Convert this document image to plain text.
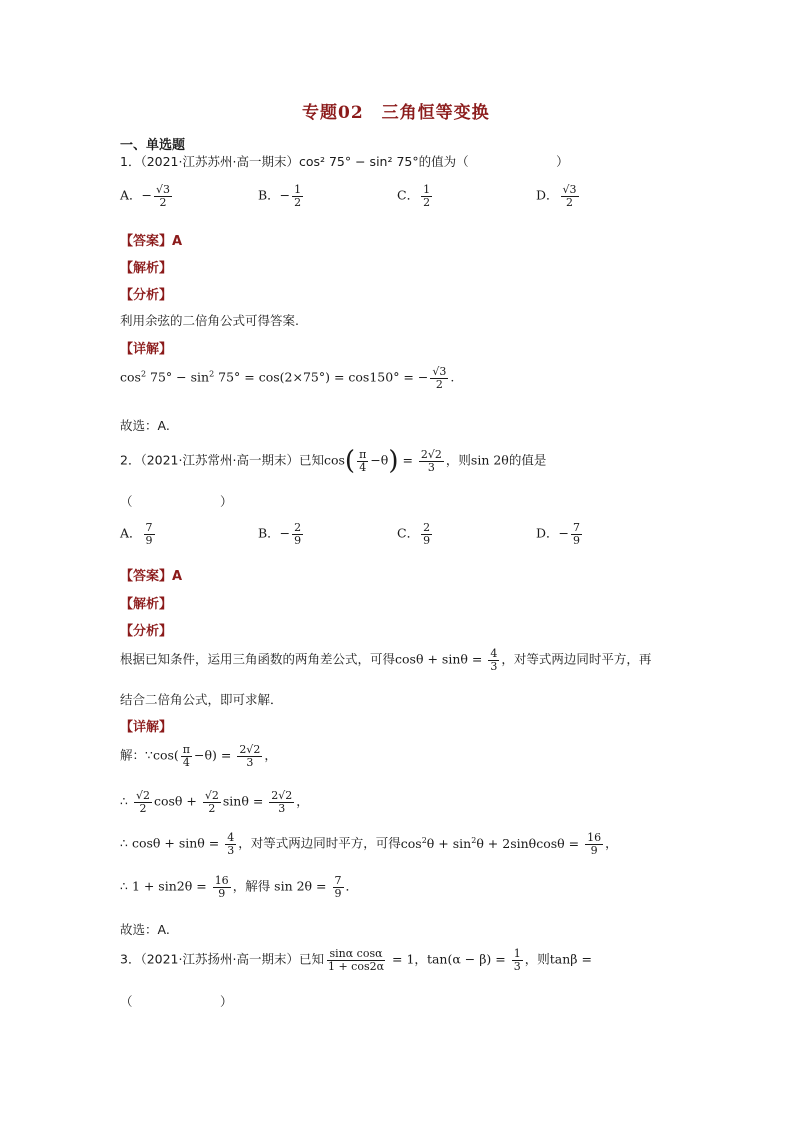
专题02　三角恒等变换
一、单选题
1．（2021·江苏苏州·高一期末）cos² 75° − sin² 75°的值为（　　　　　　　）
A．− $\frac{√3}{2}$	B．− $\frac{1}{2}$	C． $\frac{1}{2}$	D． $\frac{√3}{2}$
【答案】A
【解析】
【分析】
利用余弦的二倍角公式可得答案.
【详解】
$\cos^2 75^\circ - \sin^2 75^\circ = \cos(2\times 75^\circ) = \cos 150^\circ$ = − $\frac{√3}{2}$ .
故选：A.
2．（2021·江苏常州·高一期末）已知$\cos( \frac{\pi}{4} -\theta) = \frac{2√2}{3}$ ，则sin 2θ的值是
（　　　　　　　）
A． $\frac{7}{9}$	B．− $\frac{2}{9}$	C． $\frac{2}{9}$	D．− $\frac{7}{9}$
【答案】A
【解析】
【分析】
根据已知条件，运用三角函数的两角差公式，可得$\cos\theta + \sin\theta = \frac{4}{3}$ ，对等式两边同时平方，再
结合二倍角公式，即可求解．
【详解】
解：∵cos( $\frac{\pi}{4} -\theta) = \frac{2√2}{3}$ ，
∴ $\frac{√2}{2}$ $\cos\theta + \frac{√2}{2}$ $\sin\theta = \frac{2√2}{3}$ ，
∴ $\cos\theta + \sin\theta = \frac{4}{3}$ ，对等式两边同时平方，可得$\cos^2\theta + \sin^2\theta + 2\sin\theta\cos\theta = \frac{16}{9}$ ，
∴ $1 + \sin 2\theta = \frac{16}{9}$ ，解得 $\sin 2\theta = \frac{7}{9}$ ．
故选：A.
3．（2021·江苏扬州·高一期末）已知 $\frac{\text{sinα cosα}}{1 + \cos 2\alpha} = 1$，$\tan(\alpha - \beta) = \frac{1}{3}$ ，则tanβ =
（　　　　　　　）
